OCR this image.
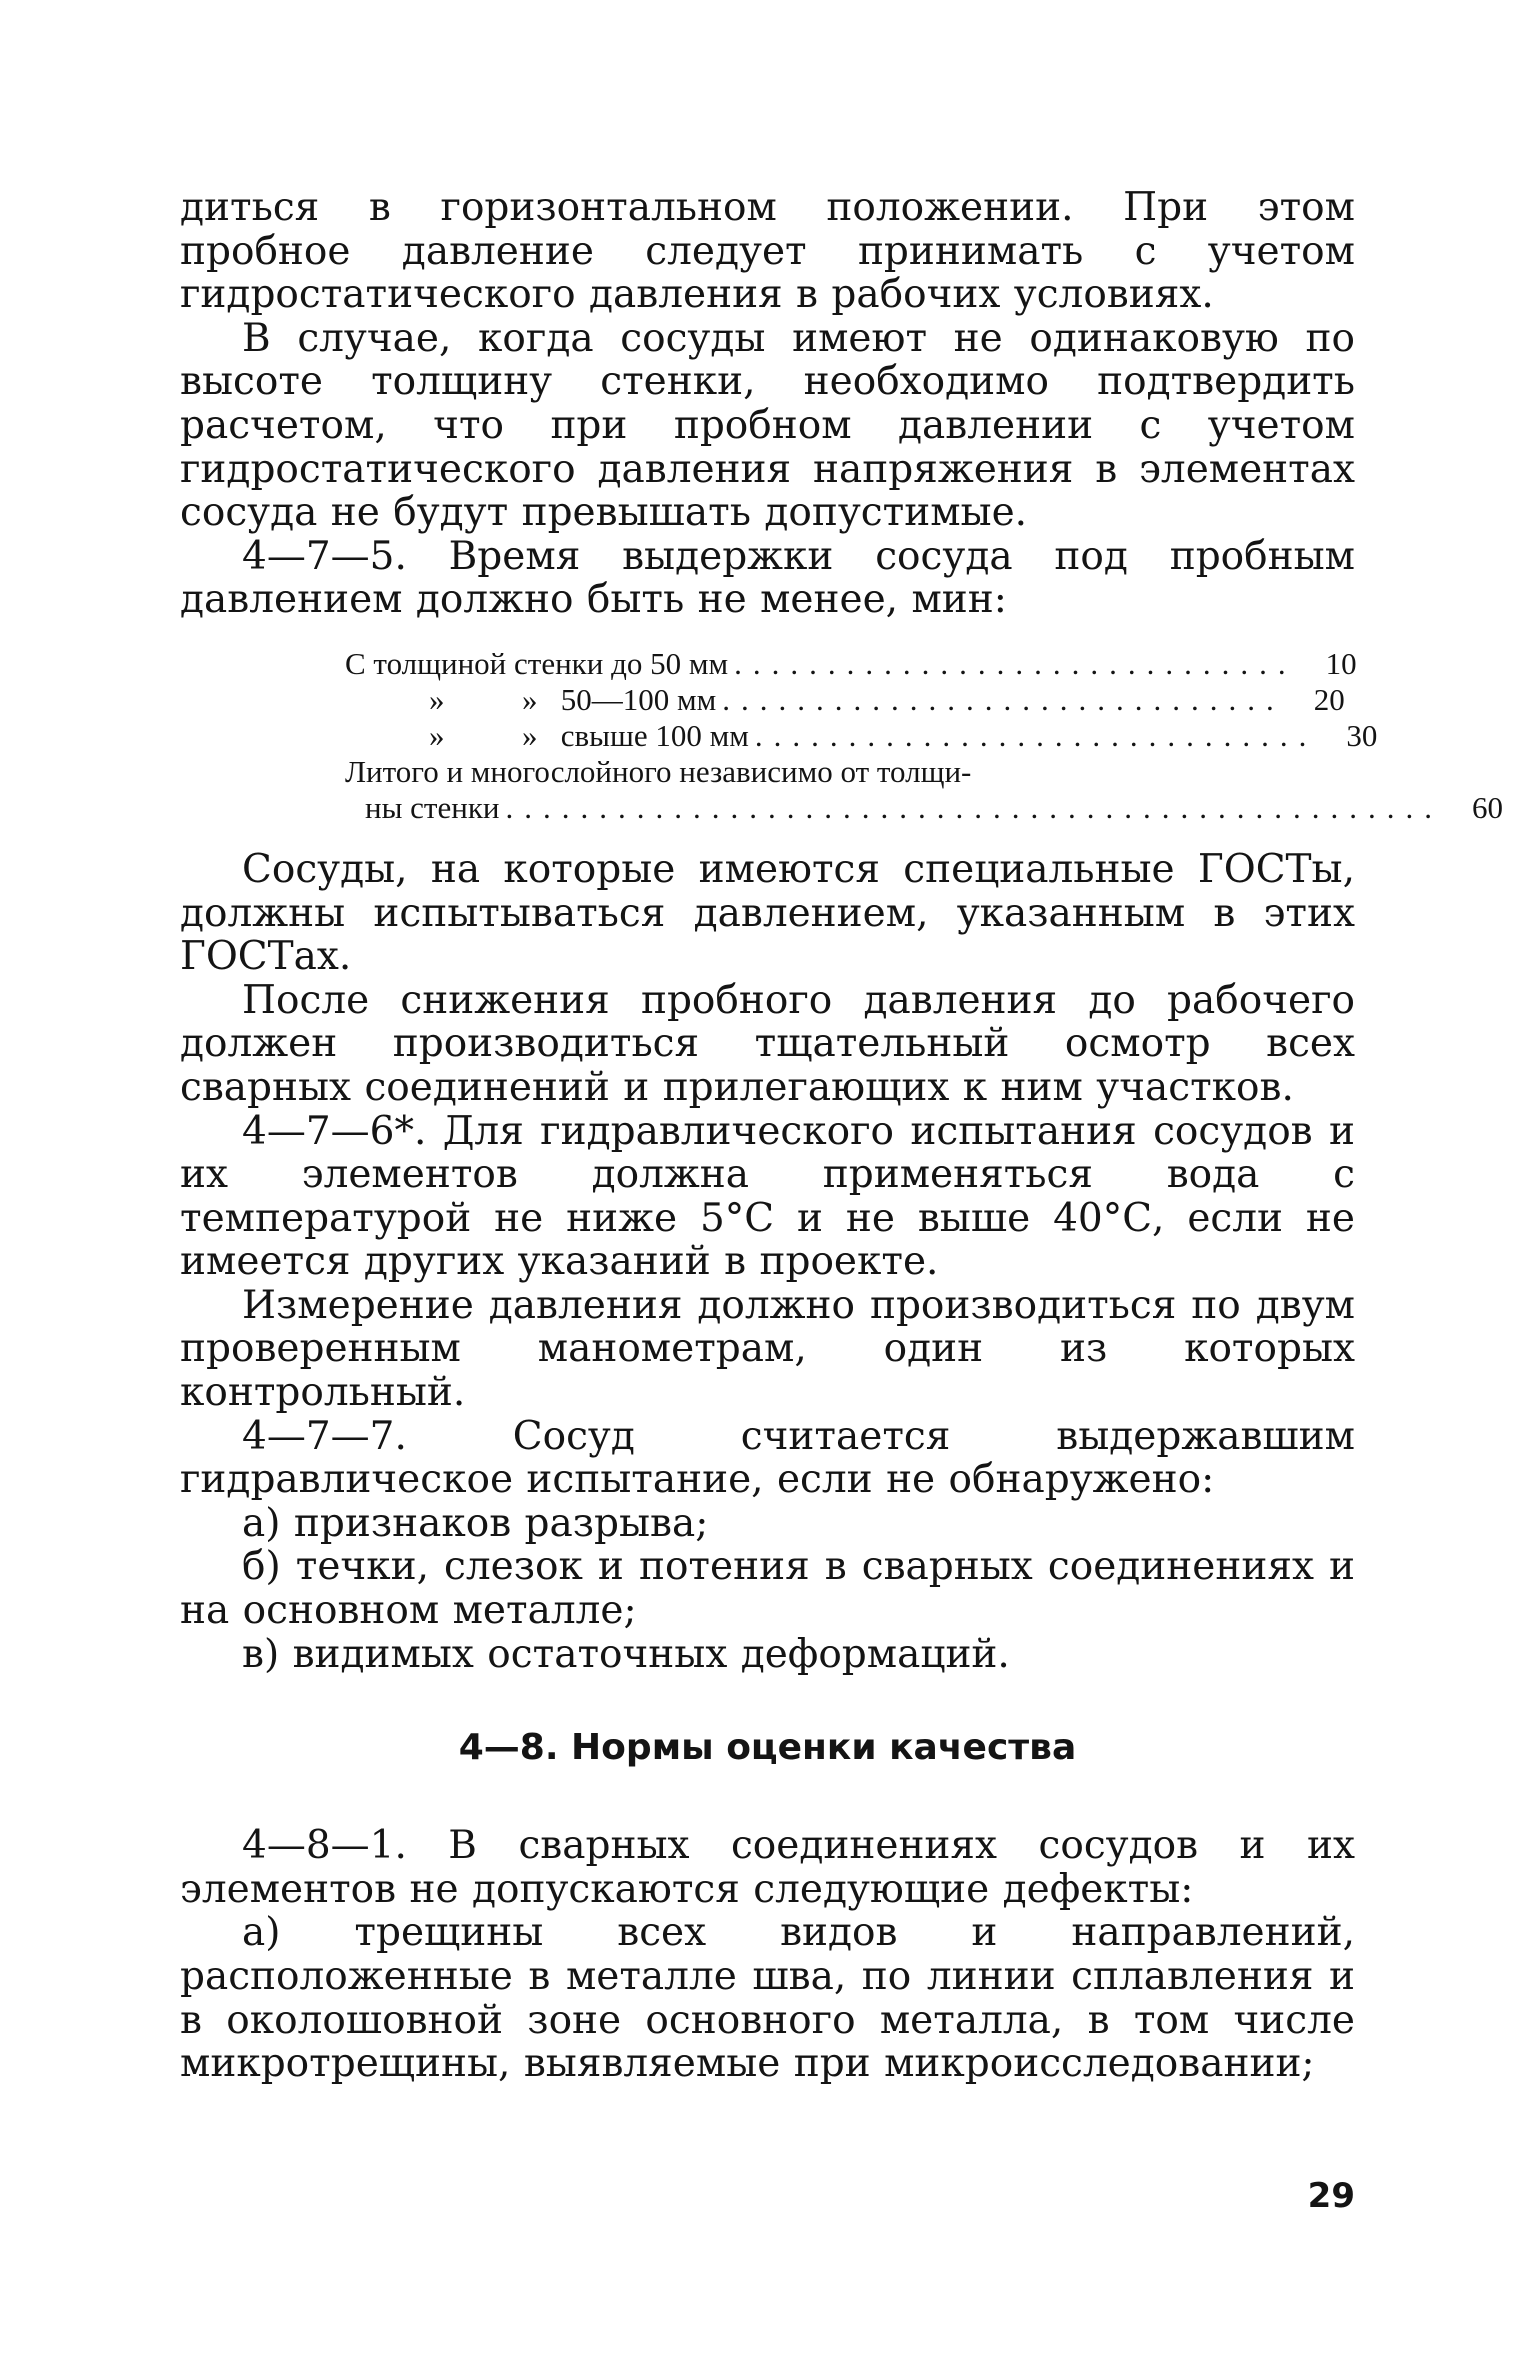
диться в горизонтальном положении. При этом пробное давление следует принимать с учетом гидростатического давления в рабочих условиях.

В случае, когда сосуды имеют не одинаковую по высоте толщину стенки, необходимо подтвердить расчетом, что при пробном давлении с учетом гидростатического давления напряжения в элементах сосуда не будут превышать допустимые.

4—7—5. Время выдержки сосуда под пробным давлением должно быть не менее, мин:

С толщиной стенки до 50 мм .............................. 10
»          »   50—100 мм .............................. 20
»          »   свыше 100 мм .............................. 30
Литого и многослойного независимо от толщи-
ны стенки .................................................. 60

Сосуды, на которые имеются специальные ГОСТы, должны испытываться давлением, указанным в этих ГОСТах.

После снижения пробного давления до рабочего должен производиться тщательный осмотр всех сварных соединений и прилегающих к ним участков.

4—7—6*. Для гидравлического испытания сосудов и их элементов должна применяться вода с температурой не ниже 5°С и не выше 40°С, если не имеется других указаний в проекте.

Измерение давления должно производиться по двум проверенным манометрам, один из которых контрольный.

4—7—7. Сосуд считается выдержавшим гидравлическое испытание, если не обнаружено:

а) признаков разрыва;

б) течки, слезок и потения в сварных соединениях и на основном металле;

в) видимых остаточных деформаций.

4—8. Нормы оценки качества

4—8—1. В сварных соединениях сосудов и их элементов не допускаются следующие дефекты:

а) трещины всех видов и направлений, расположенные в металле шва, по линии сплавления и в околошовной зоне основного металла, в том числе микротрещины, выявляемые при микроисследовании;

29
